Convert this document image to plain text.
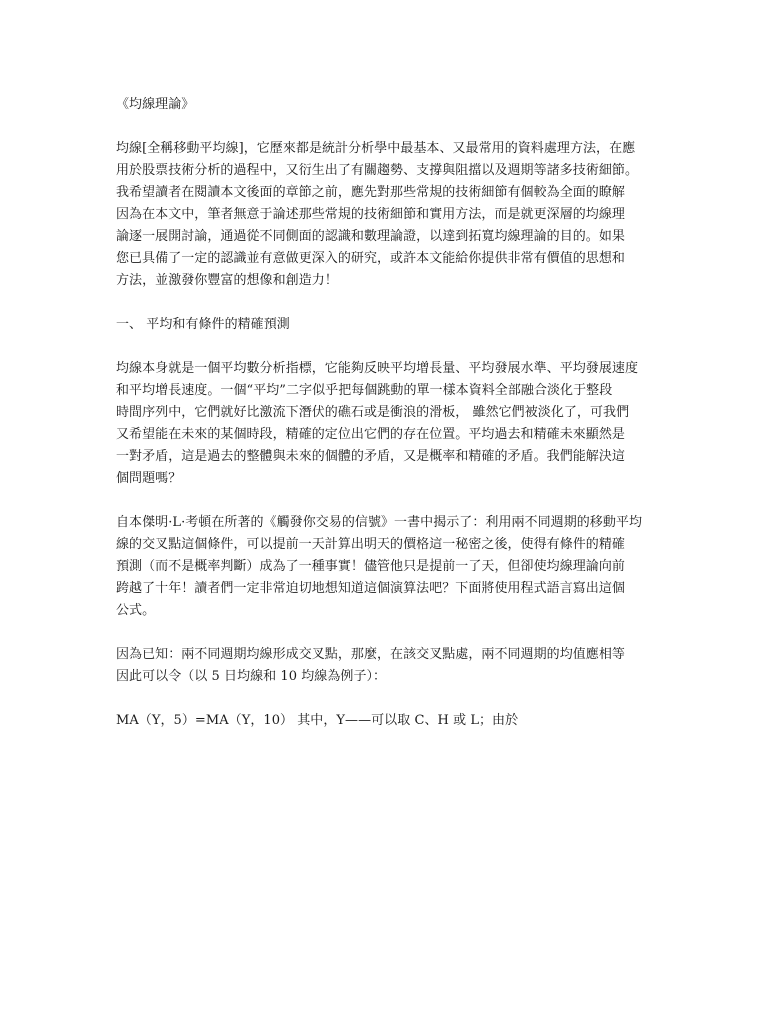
《均線理論》
均線[全稱移動平均線]，它歷來都是統計分析學中最基本、又最常用的資料處理方法，在應
用於股票技術分析的過程中，又衍生出了有關趨勢、支撐與阻擋以及週期等諸多技術細節。
我希望讀者在閱讀本文後面的章節之前，應先對那些常規的技術細節有個較為全面的瞭解
因為在本文中，筆者無意于論述那些常規的技術細節和實用方法，而是就更深層的均線理
論逐一展開討論，通過從不同側面的認識和數理論證，以達到拓寬均線理論的目的。如果
您已具備了一定的認識並有意做更深入的研究，或許本文能給你提供非常有價值的思想和
方法，並激發你豐富的想像和創造力！
一、 平均和有條件的精確預測
均線本身就是一個平均數分析指標，它能夠反映平均增長量、平均發展水準、平均發展速度
和平均增長速度。一個“平均”二字似乎把每個跳動的單一樣本資料全部融合淡化于整段
時間序列中，它們就好比激流下潛伏的礁石或是衝浪的滑板， 雖然它們被淡化了，可我們
又希望能在未來的某個時段，精確的定位出它們的存在位置。平均過去和精確未來顯然是
一對矛盾，這是過去的整體與未來的個體的矛盾，又是概率和精確的矛盾。我們能解決這
個問題嗎？
自本傑明·L·考頓在所著的《觸發你交易的信號》一書中揭示了：利用兩不同週期的移動平均
線的交叉點這個條件，可以提前一天計算出明天的價格這一秘密之後，使得有條件的精確
預測（而不是概率判斷）成為了一種事實！儘管他只是提前一了天，但卻使均線理論向前
跨越了十年！讀者們一定非常迫切地想知道這個演算法吧？下面將使用程式語言寫出這個
公式。
因為已知：兩不同週期均線形成交叉點，那麼，在該交叉點處，兩不同週期的均值應相等
因此可以令（以 5 日均線和 10 均線為例子）：
MA（Y，5）=MA（Y，10） 其中，Y——可以取 C、H 或 L；由於
